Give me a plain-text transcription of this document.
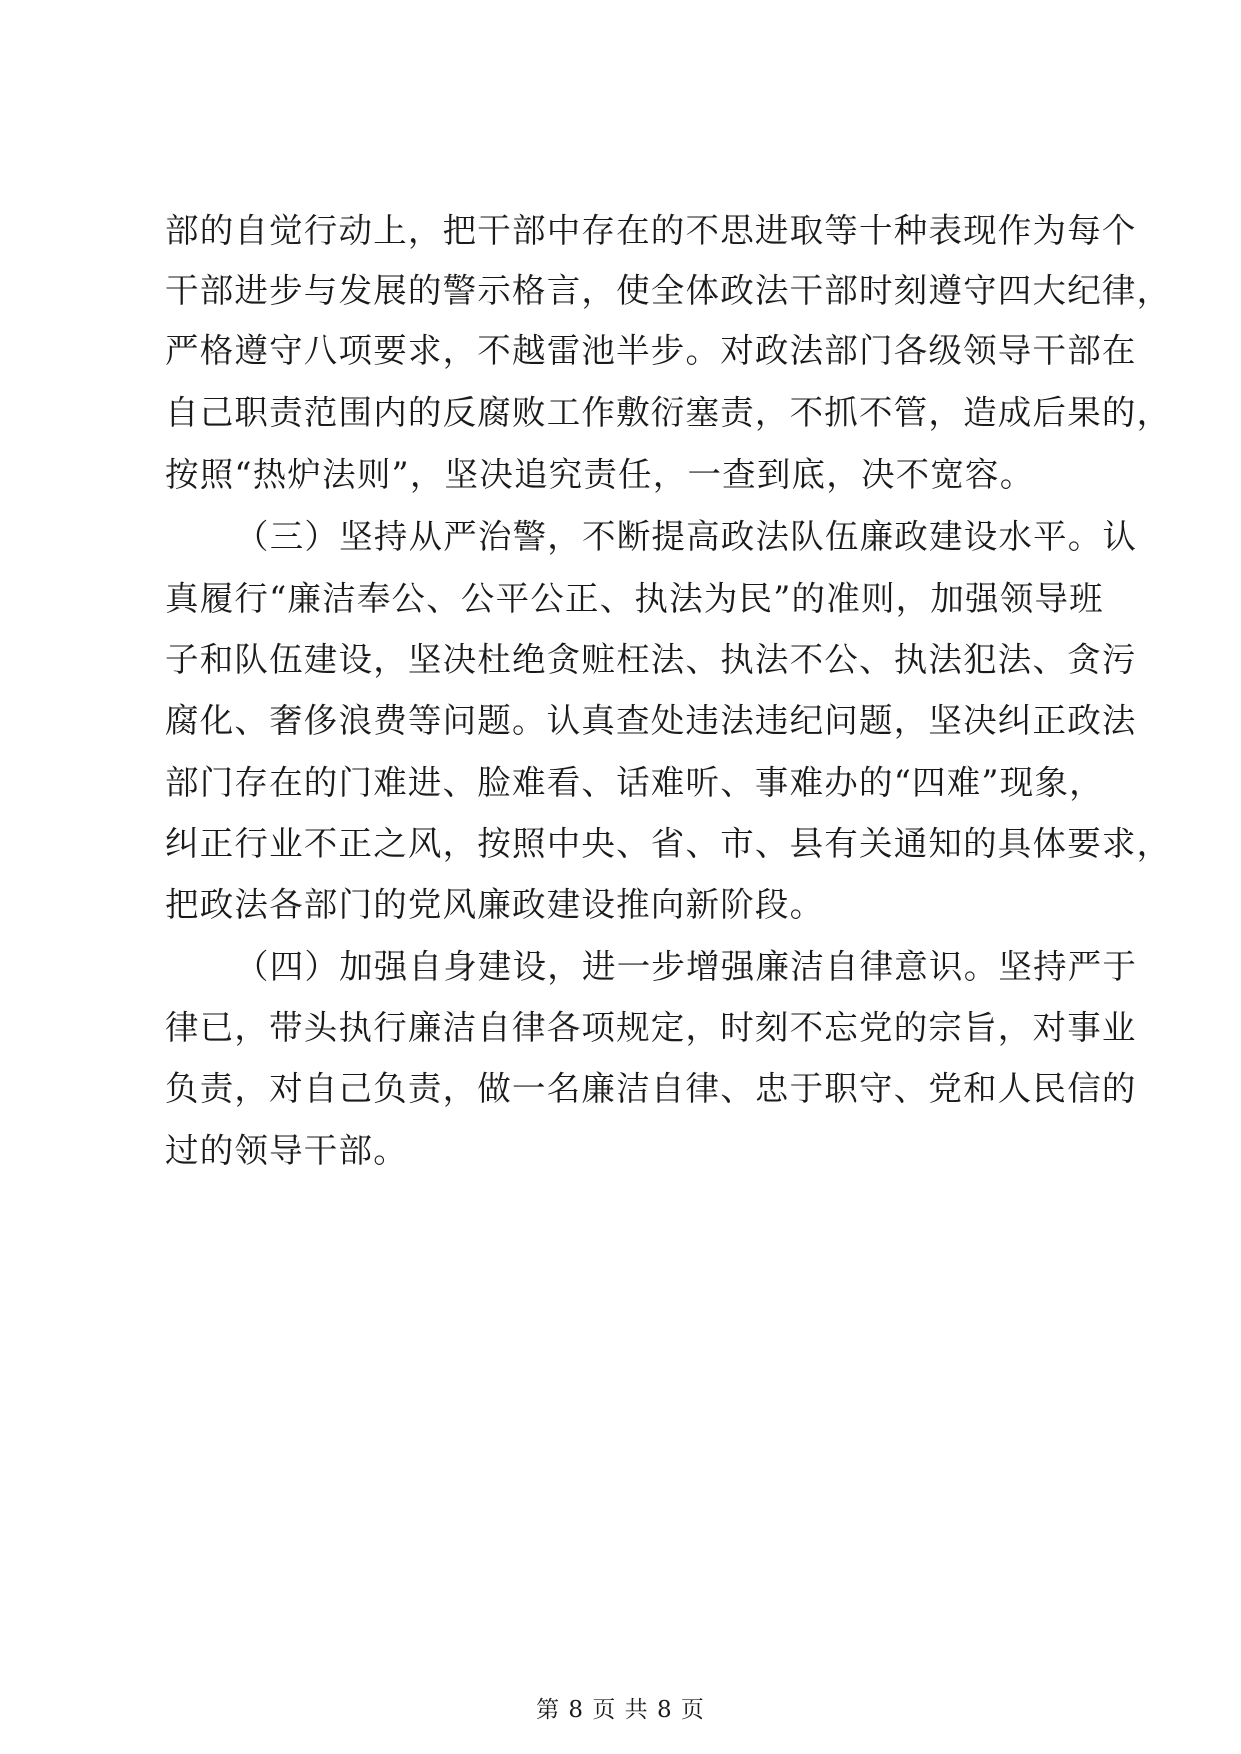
部的自觉行动上，把干部中存在的不思进取等十种表现作为每个
干部进步与发展的警示格言，使全体政法干部时刻遵守四大纪律，
严格遵守八项要求，不越雷池半步。对政法部门各级领导干部在
自己职责范围内的反腐败工作敷衍塞责，不抓不管，造成后果的，
按照“热炉法则”，坚决追究责任，一查到底，决不宽容。
（三）坚持从严治警，不断提高政法队伍廉政建设水平。认
真履行“廉洁奉公、公平公正、执法为民”的准则，加强领导班
子和队伍建设，坚决杜绝贪赃枉法、执法不公、执法犯法、贪污
腐化、奢侈浪费等问题。认真查处违法违纪问题，坚决纠正政法
部门存在的门难进、脸难看、话难听、事难办的“四难”现象，
纠正行业不正之风，按照中央、省、市、县有关通知的具体要求，
把政法各部门的党风廉政建设推向新阶段。
（四）加强自身建设，进一步增强廉洁自律意识。坚持严于
律已，带头执行廉洁自律各项规定，时刻不忘党的宗旨，对事业
负责，对自己负责，做一名廉洁自律、忠于职守、党和人民信的
过的领导干部。
第 8 页 共 8 页
